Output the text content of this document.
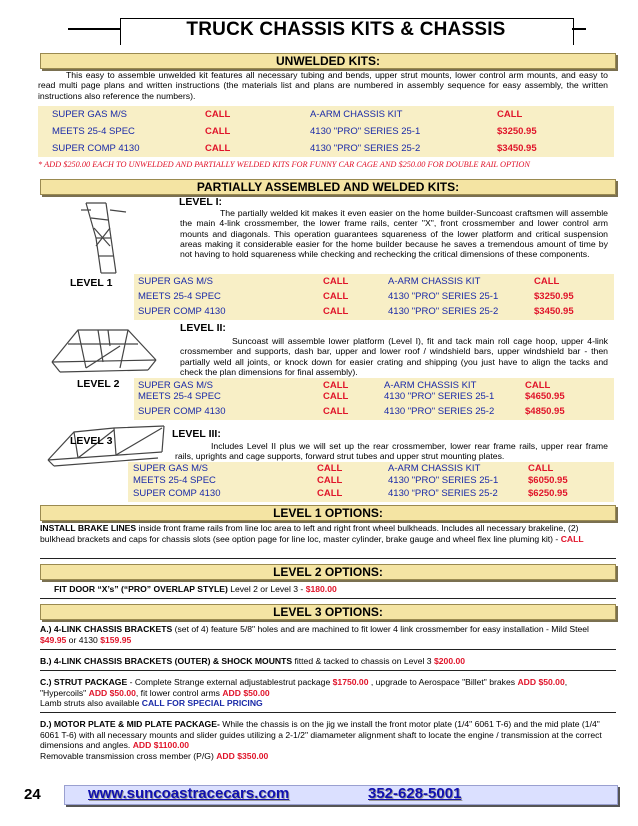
TRUCK CHASSIS KITS & CHASSIS
UNWELDED KITS:
This easy to assemble unwelded kit features all necessary tubing and bends, upper strut mounts, lower control arm mounts, and easy to read multi page plans and written instructions (the materials list and plans are numbered in assembly sequence for easy assembly, the written instructions also reference the numbers).
SUPER GAS M/S	CALL	A-ARM CHASSIS KIT	CALL
MEETS 25-4 SPEC	CALL	4130 "PRO" SERIES 25-1	$3250.95
SUPER COMP 4130	CALL	4130 "PRO" SERIES 25-2	$3450.95
* ADD $250.00 EACH TO UNWELDED AND PARTIALLY WELDED KITS FOR FUNNY CAR CAGE AND $250.00 FOR DOUBLE RAIL OPTION
PARTIALLY ASSEMBLED AND WELDED KITS:
LEVEL I:
The partially welded kit makes it even easier on the home builder-Suncoast craftsmen will assemble the main 4-link crossmember, the lower frame rails, center "X", front crossmember and lower control arm mounts and diagonals. This operation guarantees squareness of the lower platform and critical suspension areas making it considerable easier for the home builder because he saves a tremendous amount of time by not having to hold squareness while checking and rechecking the critical dimensions of these components.
LEVEL 1	SUPER GAS M/S	CALL	A-ARM CHASSIS KIT	CALL
MEETS 25-4 SPEC	CALL	4130 "PRO" SERIES 25-1	$3250.95
SUPER COMP 4130	CALL	4130 "PRO" SERIES 25-2	$3450.95
LEVEL II:
Suncoast will assemble lower platform (Level I), fit and tack main roll cage hoop, upper 4-link crossmember and supports, dash bar, upper and lower roof / windshield bars, upper windshield bar - then partially weld all joints, or knock down for easier crating and shipping (you just have to align the tacks and check the plan dimensions for final assembly).
LEVEL 2 SUPER GAS M/S	CALL	A-ARM CHASSIS KIT	CALL
MEETS 25-4 SPEC	CALL	4130 "PRO" SERIES 25-1	$4650.95
SUPER COMP 4130	CALL	4130 "PRO" SERIES 25-2	$4850.95
LEVEL III:
Includes Level II plus we will set up the rear crossmember, lower rear frame rails, upper rear frame rails, uprights and cage supports, forward strut tubes and upper strut mounting plates.
LEVEL 3
SUPER GAS M/S	CALL	A-ARM CHASSIS KIT	CALL
MEETS 25-4 SPEC	CALL	4130 "PRO" SERIES 25-1	$6050.95
SUPER COMP 4130	CALL	4130 “PRO” SERIES 25-2	$6250.95
LEVEL 1 OPTIONS:
INSTALL BRAKE LINES inside front frame rails from line loc area to left and right front wheel bulkheads. Includes all necessary brakeline, (2) bulkhead brackets and caps for chassis slots (see option page for line loc, master cylinder, brake gauge and wheel flex line pluming kit) - CALL
LEVEL 2 OPTIONS:
FIT DOOR “X’s” (“PRO” OVERLAP STYLE) Level 2 or Level 3 - $180.00
LEVEL 3 OPTIONS:
A.) 4-LINK CHASSIS BRACKETS (set of 4) feature 5/8" holes and are machined to fit lower 4 link crossmember for easy installation - Mild Steel $49.95 or 4130 $159.95
B.) 4-LINK CHASSIS BRACKETS (OUTER) & SHOCK MOUNTS fitted & tacked to chassis on Level 3 $200.00
C.) STRUT PACKAGE - Complete Strange external adjustablestrut package $1750.00 , upgrade to Aerospace "Billet" brakes ADD $50.00, "Hypercoils" ADD $50.00, fit lower control arms ADD $50.00
Lamb struts also available CALL FOR SPECIAL PRICING
D.) MOTOR PLATE & MID PLATE PACKAGE- While the chassis is on the jig we install the front motor plate (1/4" 6061 T-6) and the mid plate (1/4" 6061 T-6) with all necessary mounts and slider guides utilizing a 2-1/2" diamameter alignment shaft to locate the engine / transmission at the correct dimensions and angles. ADD $1100.00
Removable transmission cross member (P/G) ADD $350.00
24	www.suncoastracecars.com	352-628-5001
